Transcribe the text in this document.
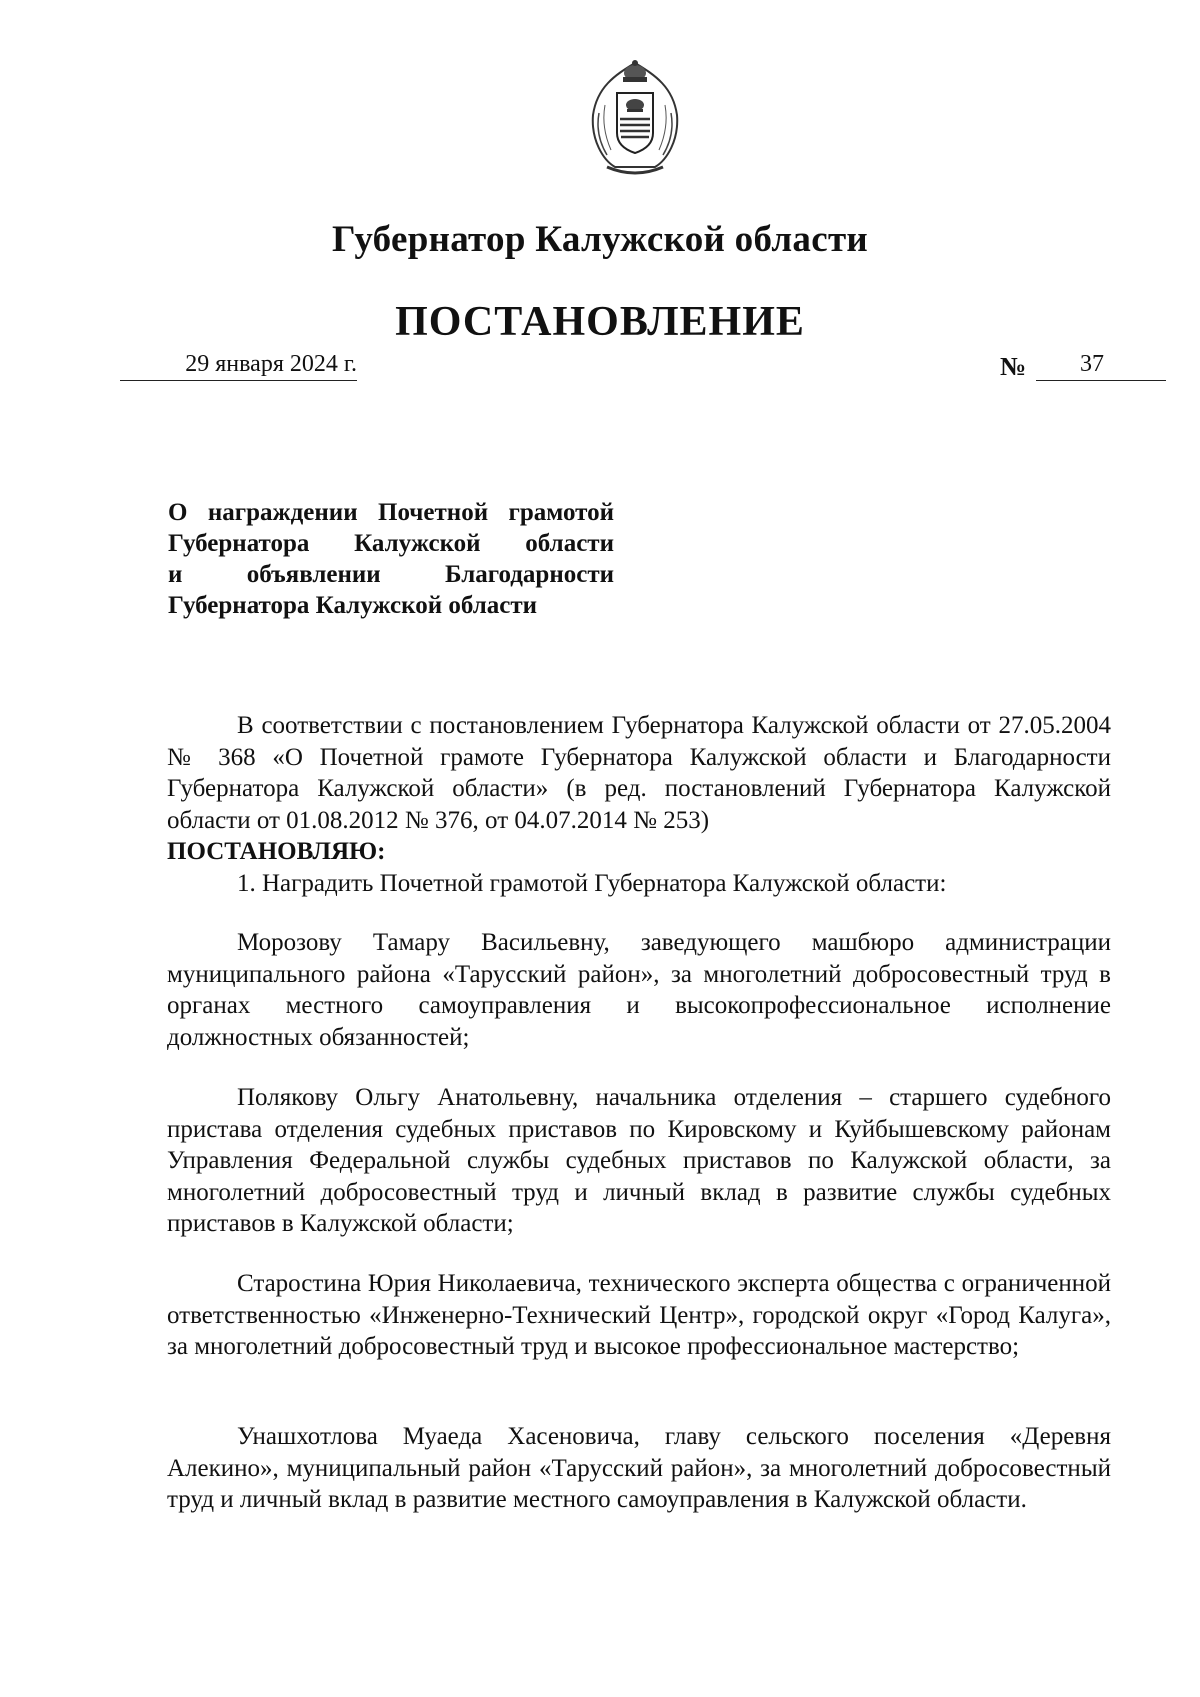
Губернатор Калужской области
ПОСТАНОВЛЕНИЕ
29 января 2024 г.	№	37
О награждении Почетной грамотой
Губернатора Калужской области
и объявлении Благодарности
Губернатора Калужской области

В соответствии с постановлением Губернатора Калужской области от 27.05.2004 № 368 «О Почетной грамоте Губернатора Калужской области и Благодарности Губернатора Калужской области» (в ред. постановлений Губернатора Калужской области от 01.08.2012 № 376, от 04.07.2014 № 253)

ПОСТАНОВЛЯЮ:

1. Наградить Почетной грамотой Губернатора Калужской области:

Морозову Тамару Васильевну, заведующего машбюро администрации муниципального района «Тарусский район», за многолетний добросовестный труд в органах местного самоуправления и высокопрофессиональное исполнение должностных обязанностей;

Полякову Ольгу Анатольевну, начальника отделения – старшего судебного пристава отделения судебных приставов по Кировскому и Куйбышевскому районам Управления Федеральной службы судебных приставов по Калужской области, за многолетний добросовестный труд и личный вклад в развитие службы судебных приставов в Калужской области;

Старостина Юрия Николаевича, технического эксперта общества с ограниченной ответственностью «Инженерно-Технический Центр», городской округ «Город Калуга», за многолетний добросовестный труд и высокое профессиональное мастерство;

Унашхотлова Муаеда Хасеновича, главу сельского поселения «Деревня Алекино», муниципальный район «Тарусский район», за многолетний добросовестный труд и личный вклад в развитие местного самоуправления в Калужской области.
